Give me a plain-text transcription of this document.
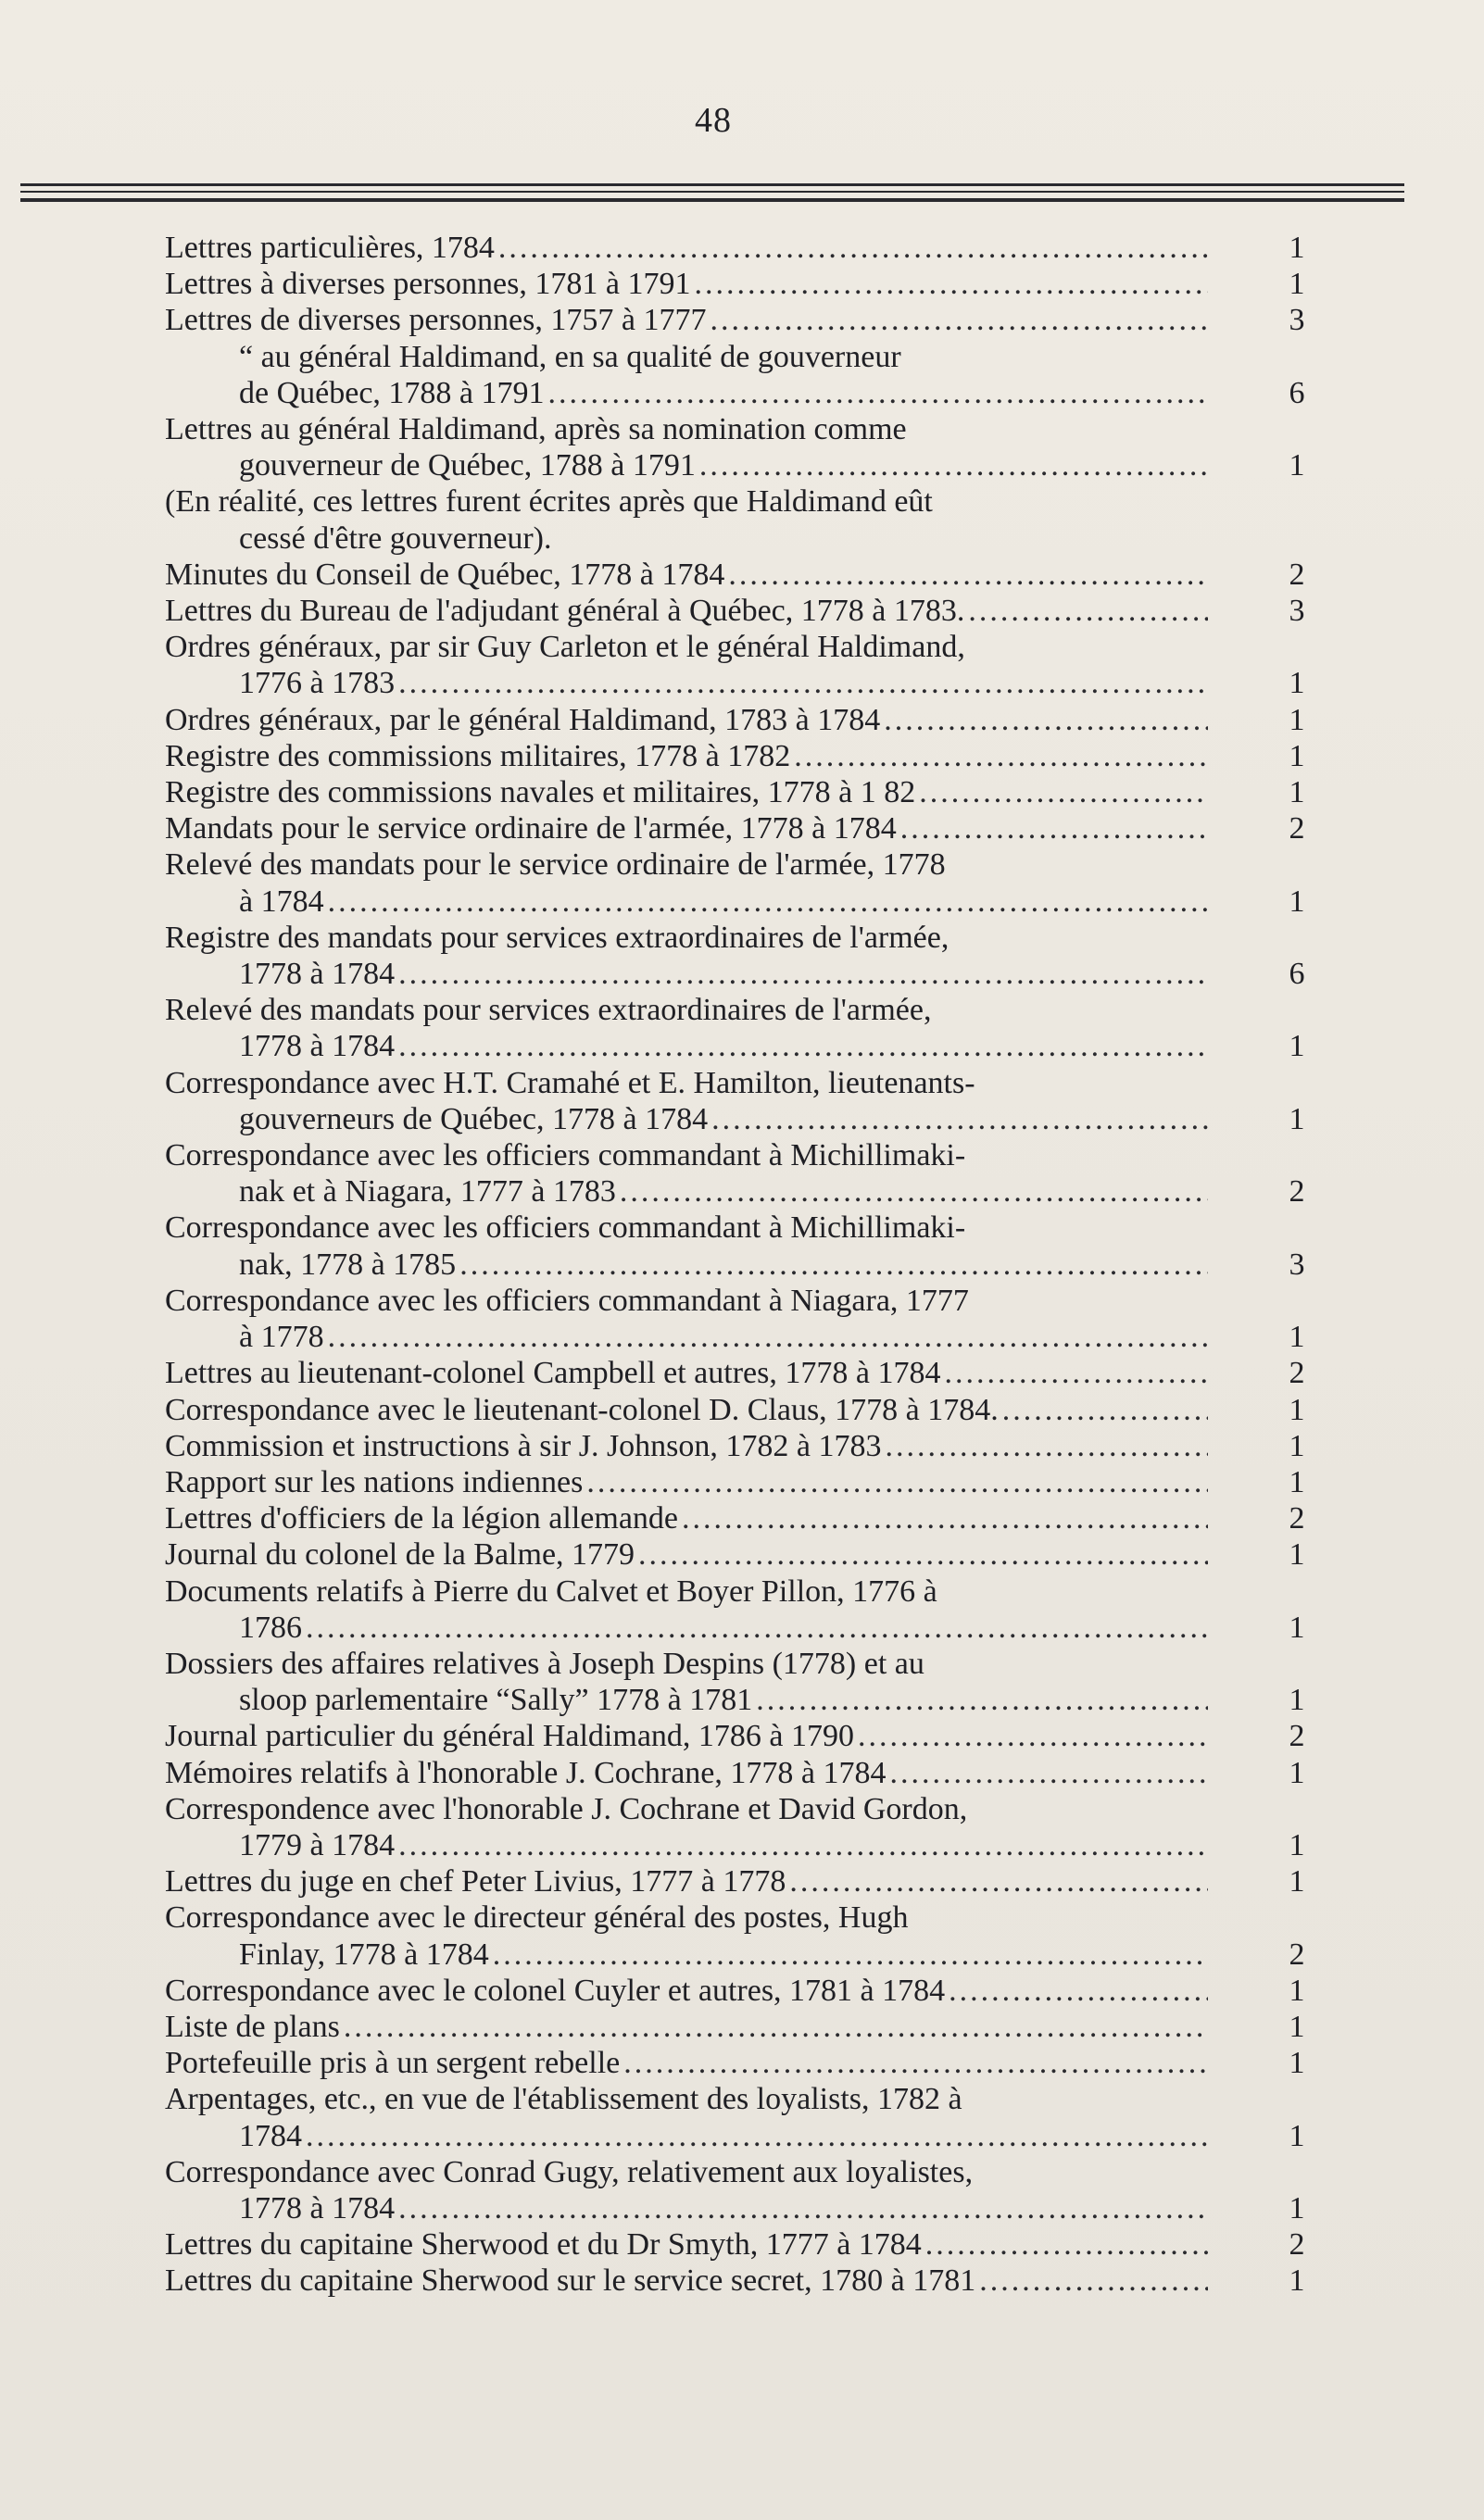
48
Lettres particulières, 1784 .....	1
Lettres à diverses personnes, 1781 à 1791 .....	1
Lettres de diverses personnes, 1757 à 1777 .....	3
“ au général Haldimand, en sa qualité de gouverneur
de Québec, 1788 à 1791 .....	6
Lettres au général Haldimand, après sa nomination comme
gouverneur de Québec, 1788 à 1791 .....	1
(En réalité, ces lettres furent écrites après que Haldimand eût
cessé d'être gouverneur).
Minutes du Conseil de Québec, 1778 à 1784 .....	2
Lettres du Bureau de l'adjudant général à Québec, 1778 à 1783. .....	3
Ordres généraux, par sir Guy Carleton et le général Haldimand,
1776 à 1783 .....	1
Ordres généraux, par le général Haldimand, 1783 à 1784 .....	1
Registre des commissions militaires, 1778 à 1782 .....	1
Registre des commissions navales et militaires, 1778 à 1 82 .....	1
Mandats pour le service ordinaire de l'armée, 1778 à 1784 .....	2
Relevé des mandats pour le service ordinaire de l'armée, 1778
à 1784 .....	1
Registre des mandats pour services extraordinaires de l'armée,
1778 à 1784 .....	6
Relevé des mandats pour services extraordinaires de l'armée,
1778 à 1784 .....	1
Correspondance avec H.T. Cramahé et E. Hamilton, lieutenants-
gouverneurs de Québec, 1778 à 1784 .....	1
Correspondance avec les officiers commandant à Michillimaki-
nak et à Niagara, 1777 à 1783 .....	2
Correspondance avec les officiers commandant à Michillimaki-
nak, 1778 à 1785 .....	3
Correspondance avec les officiers commandant à Niagara, 1777
à 1778 .....	1
Lettres au lieutenant-colonel Campbell et autres, 1778 à 1784 .....	2
Correspondance avec le lieutenant-colonel D. Claus, 1778 à 1784. .....	1
Commission et instructions à sir J. Johnson, 1782 à 1783 .....	1
Rapport sur les nations indiennes .....	1
Lettres d'officiers de la légion allemande .....	2
Journal du colonel de la Balme, 1779 .....	1
Documents relatifs à Pierre du Calvet et Boyer Pillon, 1776 à
1786 .....	1
Dossiers des affaires relatives à Joseph Despins (1778) et au
sloop parlementaire “Sally” 1778 à 1781 .....	1
Journal particulier du général Haldimand, 1786 à 1790 .....	2
Mémoires relatifs à l'honorable J. Cochrane, 1778 à 1784 .....	1
Correspondence avec l'honorable J. Cochrane et David Gordon,
1779 à 1784 .....	1
Lettres du juge en chef Peter Livius, 1777 à 1778 .....	1
Correspondance avec le directeur général des postes, Hugh
Finlay, 1778 à 1784 .....	2
Correspondance avec le colonel Cuyler et autres, 1781 à 1784 .....	1
Liste de plans .....	1
Portefeuille pris à un sergent rebelle .....	1
Arpentages, etc., en vue de l'établissement des loyalists, 1782 à
1784 .....	1
Correspondance avec Conrad Gugy, relativement aux loyalistes,
1778 à 1784 .....	1
Lettres du capitaine Sherwood et du Dr Smyth, 1777 à 1784 .....	2
Lettres du capitaine Sherwood sur le service secret, 1780 à 1781 .....	1
